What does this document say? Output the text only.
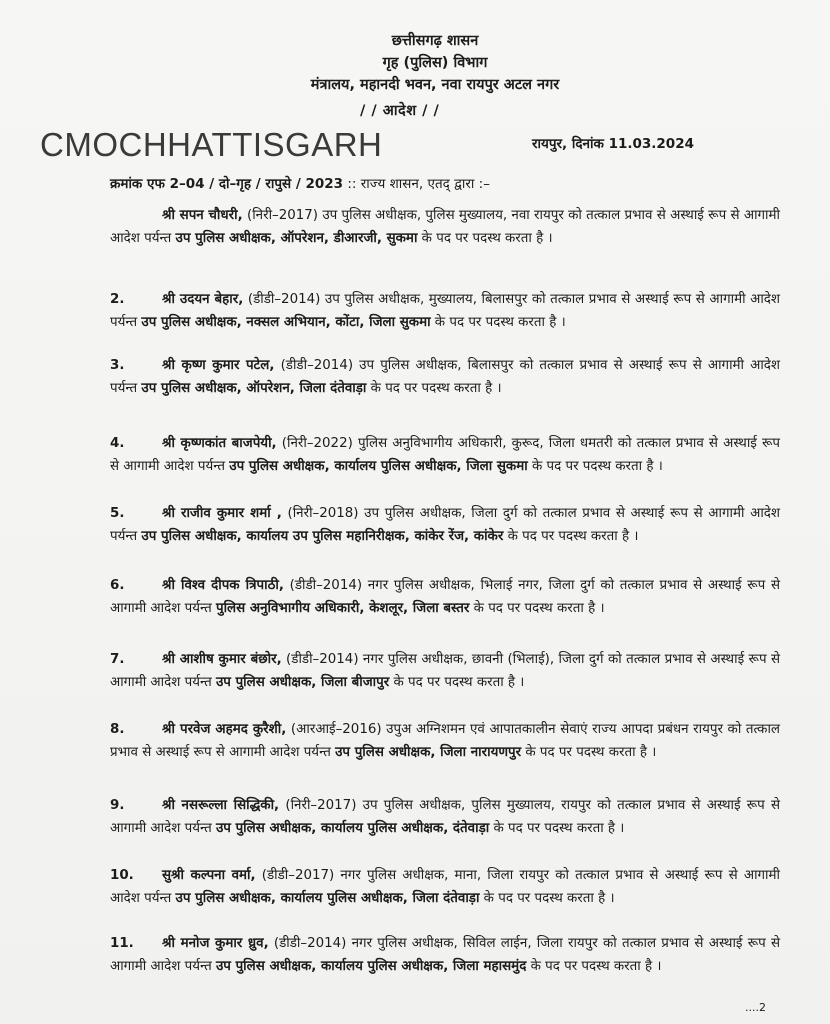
छत्तीसगढ़ शासन
गृह (पुलिस) विभाग
मंत्रालय, महानदी भवन, नवा रायपुर अटल नगर
/ / आदेश / /
CMOCHHATTISGARH	रायपुर, दिनांक 11.03.2024
क्रमांक एफ 2–04 / दो–गृह / रापुसे / 2023 :: राज्य शासन, एतद् द्वारा :–
श्री सपन चौधरी, (निरी–2017) उप पुलिस अधीक्षक, पुलिस मुख्यालय, नवा रायपुर को तत्काल प्रभाव से अस्थाई रूप से आगामी आदेश पर्यन्त उप पुलिस अधीक्षक, ऑपरेशन, डीआरजी, सुकमा के पद पर पदस्थ करता है ।
2.	श्री उदयन बेहार, (डीडी–2014) उप पुलिस अधीक्षक, मुख्यालय, बिलासपुर को तत्काल प्रभाव से अस्थाई रूप से आगामी आदेश पर्यन्त उप पुलिस अधीक्षक, नक्सल अभियान, कोंटा, जिला सुकमा के पद पर पदस्थ करता है ।
3.	श्री कृष्ण कुमार पटेल, (डीडी–2014) उप पुलिस अधीक्षक, बिलासपुर को तत्काल प्रभाव से अस्थाई रूप से आगामी आदेश पर्यन्त उप पुलिस अधीक्षक, ऑपरेशन, जिला दंतेवाड़ा के पद पर पदस्थ करता है ।
4.	श्री कृष्णकांत बाजपेयी, (निरी–2022) पुलिस अनुविभागीय अधिकारी, कुरूद, जिला धमतरी को तत्काल प्रभाव से अस्थाई रूप से आगामी आदेश पर्यन्त उप पुलिस अधीक्षक, कार्यालय पुलिस अधीक्षक, जिला सुकमा के पद पर पदस्थ करता है ।
5.	श्री राजीव कुमार शर्मा , (निरी–2018) उप पुलिस अधीक्षक, जिला दुर्ग को तत्काल प्रभाव से अस्थाई रूप से आगामी आदेश पर्यन्त उप पुलिस अधीक्षक, कार्यालय उप पुलिस महानिरीक्षक, कांकेर रेंज, कांकेर के पद पर पदस्थ करता है ।
6.	श्री विश्व दीपक त्रिपाठी, (डीडी–2014) नगर पुलिस अधीक्षक, भिलाई नगर, जिला दुर्ग को तत्काल प्रभाव से अस्थाई रूप से आगामी आदेश पर्यन्त पुलिस अनुविभागीय अधिकारी, केशलूर, जिला बस्तर के पद पर पदस्थ करता है ।
7.	श्री आशीष कुमार बंछोर, (डीडी–2014) नगर पुलिस अधीक्षक, छावनी (भिलाई), जिला दुर्ग को तत्काल प्रभाव से अस्थाई रूप से आगामी आदेश पर्यन्त उप पुलिस अधीक्षक, जिला बीजापुर के पद पर पदस्थ करता है ।
8.	श्री परवेज अहमद कुरैशी, (आरआई–2016) उपुअ अग्निशमन एवं आपातकालीन सेवाएं राज्य आपदा प्रबंधन रायपुर को तत्काल प्रभाव से अस्थाई रूप से आगामी आदेश पर्यन्त उप पुलिस अधीक्षक, जिला नारायणपुर के पद पर पदस्थ करता है ।
9.	श्री नसरूल्ला सिद्धिकी, (निरी–2017) उप पुलिस अधीक्षक, पुलिस मुख्यालय, रायपुर को तत्काल प्रभाव से अस्थाई रूप से आगामी आदेश पर्यन्त उप पुलिस अधीक्षक, कार्यालय पुलिस अधीक्षक, दंतेवाड़ा के पद पर पदस्थ करता है ।
10. सुश्री कल्पना वर्मा, (डीडी–2017) नगर पुलिस अधीक्षक, माना, जिला रायपुर को तत्काल प्रभाव से अस्थाई रूप से आगामी आदेश पर्यन्त उप पुलिस अधीक्षक, कार्यालय पुलिस अधीक्षक, जिला दंतेवाड़ा के पद पर पदस्थ करता है ।
11. श्री मनोज कुमार ध्रुव, (डीडी–2014) नगर पुलिस अधीक्षक, सिविल लाईन, जिला रायपुर को तत्काल प्रभाव से अस्थाई रूप से आगामी आदेश पर्यन्त उप पुलिस अधीक्षक, कार्यालय पुलिस अधीक्षक, जिला महासमुंद के पद पर पदस्थ करता है ।
....2
